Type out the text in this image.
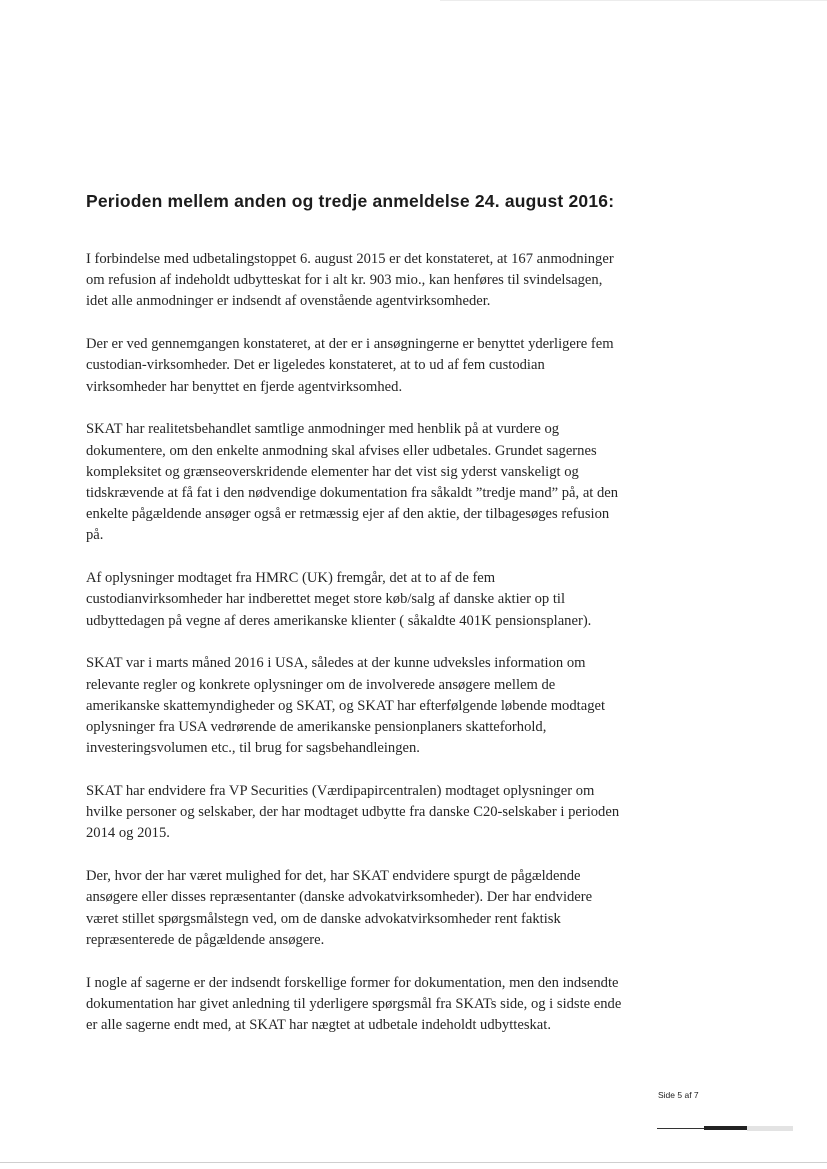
Perioden mellem anden og tredje anmeldelse 24. august 2016:

I forbindelse med udbetalingstoppet 6. august 2015 er det konstateret, at 167 anmodninger om refusion af indeholdt udbytteskat for i alt kr. 903 mio., kan henføres til svindelsagen, idet alle anmodninger er indsendt af ovenstående agentvirksomheder.

Der er ved gennemgangen konstateret, at der er i ansøgningerne er benyttet yderligere fem custodian-virksomheder. Det er ligeledes konstateret, at to ud af fem custodian virksomheder har benyttet en fjerde agentvirksomhed.

SKAT har realitetsbehandlet samtlige anmodninger med henblik på at vurdere og dokumentere, om den enkelte anmodning skal afvises eller udbetales. Grundet sagernes kompleksitet og grænseoverskridende elementer har det vist sig yderst vanskeligt og tidskrævende at få fat i den nødvendige dokumentation fra såkaldt ”tredje mand” på, at den enkelte pågældende ansøger også er retmæssig ejer af den aktie, der tilbagesøges refusion på.

Af oplysninger modtaget fra HMRC (UK) fremgår, det at to af de fem custodianvirksomheder har indberettet meget store køb/salg af danske aktier op til udbyttedagen på vegne af deres amerikanske klienter ( såkaldte 401K pensionsplaner).

SKAT var i marts måned 2016 i USA, således at der kunne udveksles information om relevante regler og konkrete oplysninger om de involverede ansøgere mellem de amerikanske skattemyndigheder og SKAT, og SKAT har efterfølgende løbende modtaget oplysninger fra USA vedrørende de amerikanske pensionplaners skatteforhold, investeringsvolumen etc., til brug for sagsbehandleingen.

SKAT har endvidere fra VP Securities (Værdipapircentralen) modtaget oplysninger om hvilke personer og selskaber, der har modtaget udbytte fra danske C20-selskaber i perioden 2014 og 2015.

Der, hvor der har været mulighed for det, har SKAT endvidere spurgt de pågældende ansøgere eller disses repræsentanter (danske advokatvirksomheder). Der har endvidere været stillet spørgsmålstegn ved, om de danske advokatvirksomheder rent faktisk repræsenterede de pågældende ansøgere.

I nogle af sagerne er der indsendt forskellige former for dokumentation, men den indsendte dokumentation har givet anledning til yderligere spørgsmål fra SKATs side, og i sidste ende er alle sagerne endt med, at SKAT har nægtet at udbetale indeholdt udbytteskat.

Side 5 af 7
